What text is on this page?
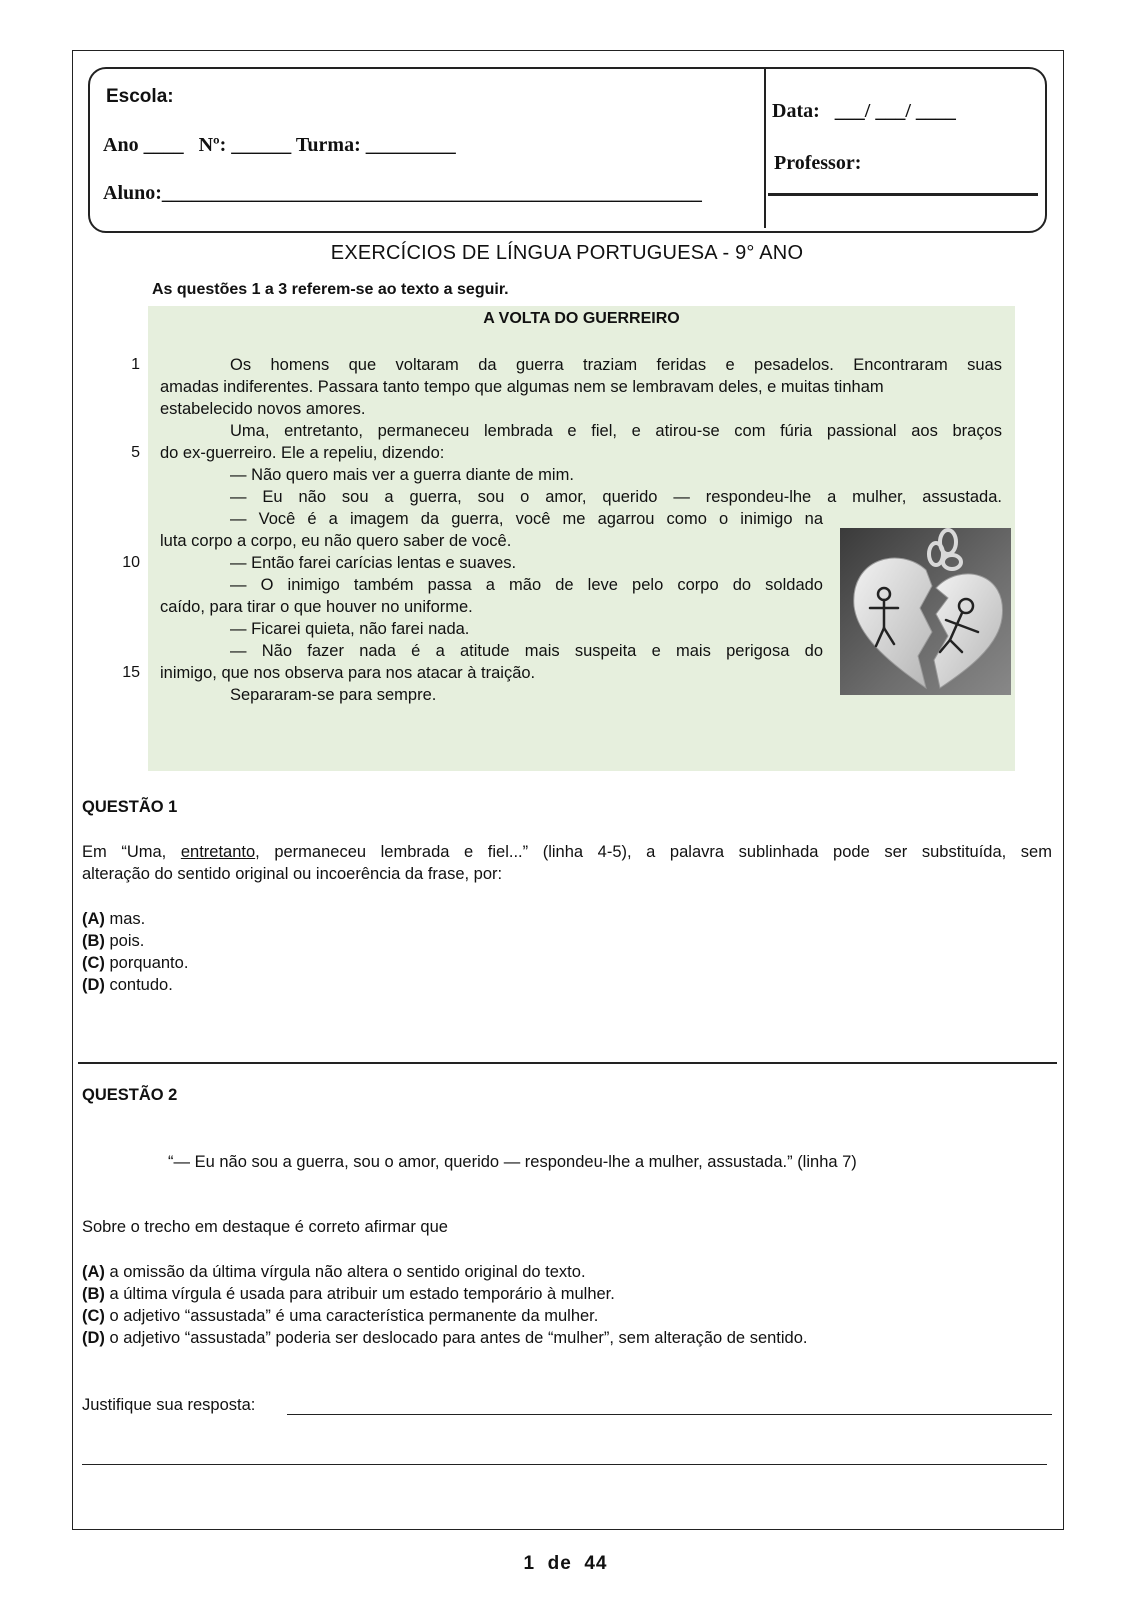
Escola:
Ano ____   Nº: ______ Turma: _________
Aluno:______________________________________________________
Data:   ___/ ___/ ____
Professor:
EXERCÍCIOS DE LÍNGUA PORTUGUESA - 9° ANO
As questões 1 a 3 referem-se ao texto a seguir.
A VOLTA DO GUERREIRO
1
5
10
15
Os homens que voltaram da guerra traziam feridas e pesadelos. Encontraram suas
amadas indiferentes. Passara tanto tempo que algumas nem se lembravam deles, e muitas tinham
estabelecido novos amores.
Uma, entretanto, permaneceu lembrada e fiel, e atirou-se com fúria passional aos braços
do ex-guerreiro. Ele a repeliu, dizendo:
— Não quero mais ver a guerra diante de mim.
— Eu não sou a guerra, sou o amor, querido — respondeu-lhe a mulher, assustada.
— Você é a imagem da guerra, você me agarrou como o inimigo na
luta corpo a corpo, eu não quero saber de você.
— Então farei carícias lentas e suaves.
— O inimigo também passa a mão de leve pelo corpo do soldado
caído, para tirar o que houver no uniforme.
— Ficarei quieta, não farei nada.
— Não fazer nada é a atitude mais suspeita e mais perigosa do
inimigo, que nos observa para nos atacar à traição.
Separaram-se para sempre.
QUESTÃO 1
Em “Uma, entretanto, permaneceu lembrada e fiel...” (linha 4-5), a palavra sublinhada pode ser substituída, sem
alteração do sentido original ou incoerência da frase, por:
(A) mas.
(B) pois.
(C) porquanto.
(D) contudo.
QUESTÃO 2
“— Eu não sou a guerra, sou o amor, querido — respondeu-lhe a mulher, assustada.” (linha 7)
Sobre o trecho em destaque é correto afirmar que
(A) a omissão da última vírgula não altera o sentido original do texto.
(B) a última vírgula é usada para atribuir um estado temporário à mulher.
(C) o adjetivo “assustada” é uma característica permanente da mulher.
(D) o adjetivo “assustada” poderia ser deslocado para antes de “mulher”, sem alteração de sentido.
Justifique sua resposta:
1  de  44
